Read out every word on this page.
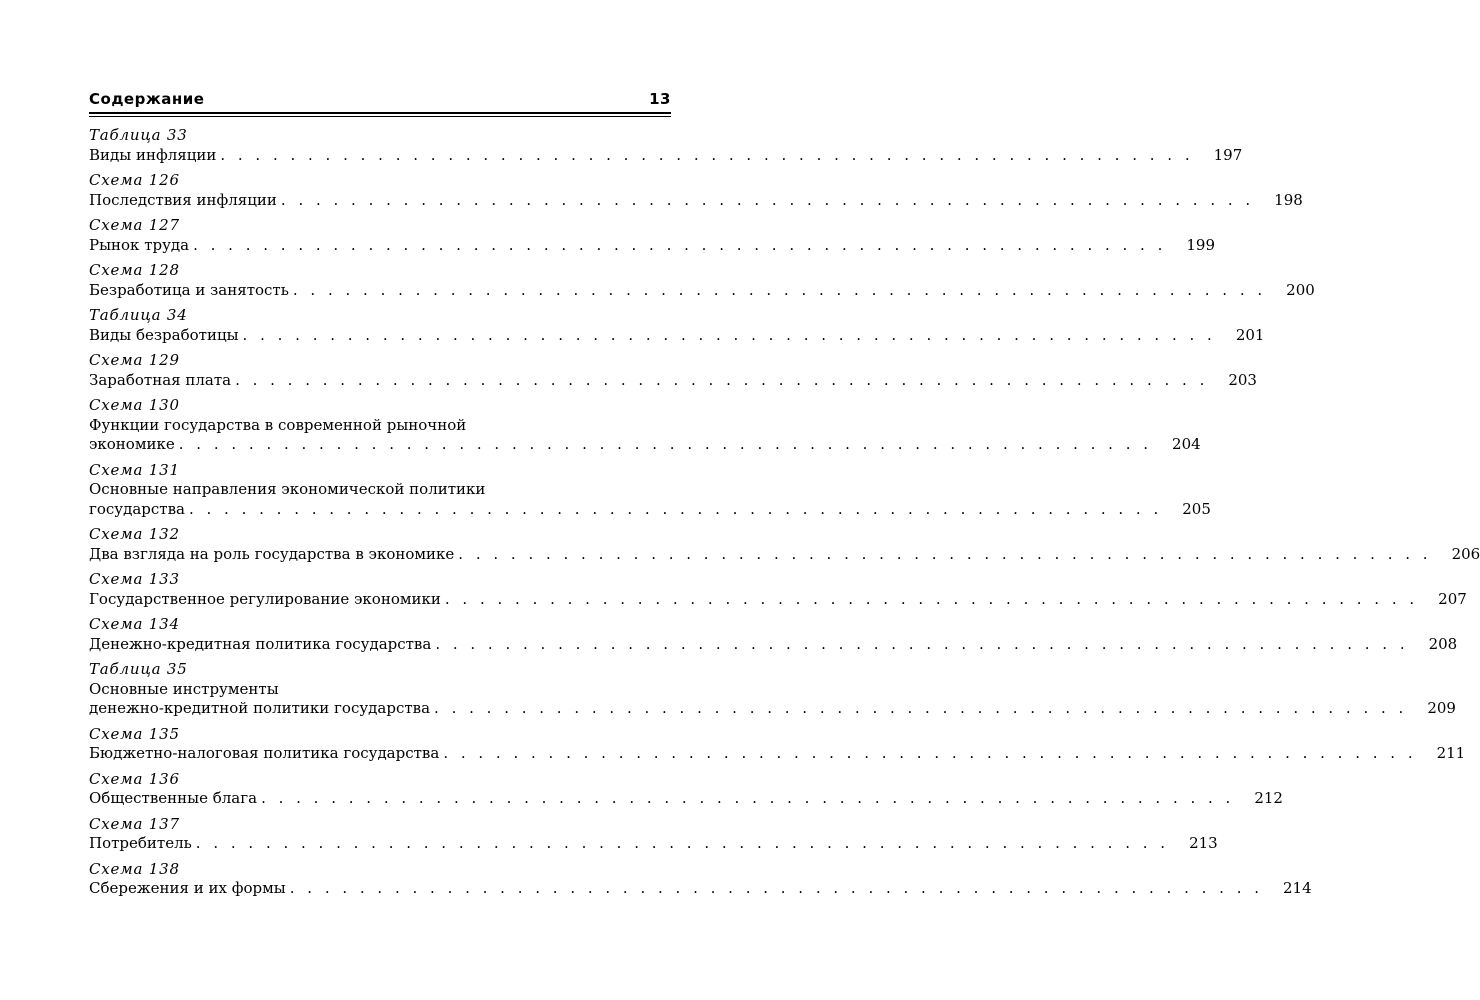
Содержание	13
Таблица 33
Виды инфляции . . . . . . . . . . . . . . . . . . . . . . . . . . . . . . . . . . . . . . . . . . . . . . . . . . . . . . . . 197
Схема 126
Последствия инфляции . . . . . . . . . . . . . . . . . . . . . . . . . . . . . . . . . . . . . . . . . . . . . . . . . . . . . . . . 198
Схема 127
Рынок труда . . . . . . . . . . . . . . . . . . . . . . . . . . . . . . . . . . . . . . . . . . . . . . . . . . . . . . . . 199
Схема 128
Безработица и занятость . . . . . . . . . . . . . . . . . . . . . . . . . . . . . . . . . . . . . . . . . . . . . . . . . . . . . . . . 200
Таблица 34
Виды безработицы . . . . . . . . . . . . . . . . . . . . . . . . . . . . . . . . . . . . . . . . . . . . . . . . . . . . . . . . 201
Схема 129
Заработная плата . . . . . . . . . . . . . . . . . . . . . . . . . . . . . . . . . . . . . . . . . . . . . . . . . . . . . . . . 203
Схема 130
Функции государства в современной рыночной
экономике . . . . . . . . . . . . . . . . . . . . . . . . . . . . . . . . . . . . . . . . . . . . . . . . . . . . . . . . 204
Схема 131
Основные направления экономической политики
государства . . . . . . . . . . . . . . . . . . . . . . . . . . . . . . . . . . . . . . . . . . . . . . . . . . . . . . . . 205
Схема 132
Два взгляда на роль государства в экономике . . . . . . . . . . . . . . . . . . . . . . . . . . . . . . . . . . . . . . . . . . . . . . . . . . . . . . . . 206
Схема 133
Государственное регулирование экономики . . . . . . . . . . . . . . . . . . . . . . . . . . . . . . . . . . . . . . . . . . . . . . . . . . . . . . . . 207
Схема 134
Денежно-кредитная политика государства . . . . . . . . . . . . . . . . . . . . . . . . . . . . . . . . . . . . . . . . . . . . . . . . . . . . . . . . 208
Таблица 35
Основные инструменты
денежно-кредитной политики государства . . . . . . . . . . . . . . . . . . . . . . . . . . . . . . . . . . . . . . . . . . . . . . . . . . . . . . . . 209
Схема 135
Бюджетно-налоговая политика государства . . . . . . . . . . . . . . . . . . . . . . . . . . . . . . . . . . . . . . . . . . . . . . . . . . . . . . . . 211
Схема 136
Общественные блага . . . . . . . . . . . . . . . . . . . . . . . . . . . . . . . . . . . . . . . . . . . . . . . . . . . . . . . . 212
Схема 137
Потребитель . . . . . . . . . . . . . . . . . . . . . . . . . . . . . . . . . . . . . . . . . . . . . . . . . . . . . . . . 213
Схема 138
Сбережения и их формы . . . . . . . . . . . . . . . . . . . . . . . . . . . . . . . . . . . . . . . . . . . . . . . . . . . . . . . . 214
